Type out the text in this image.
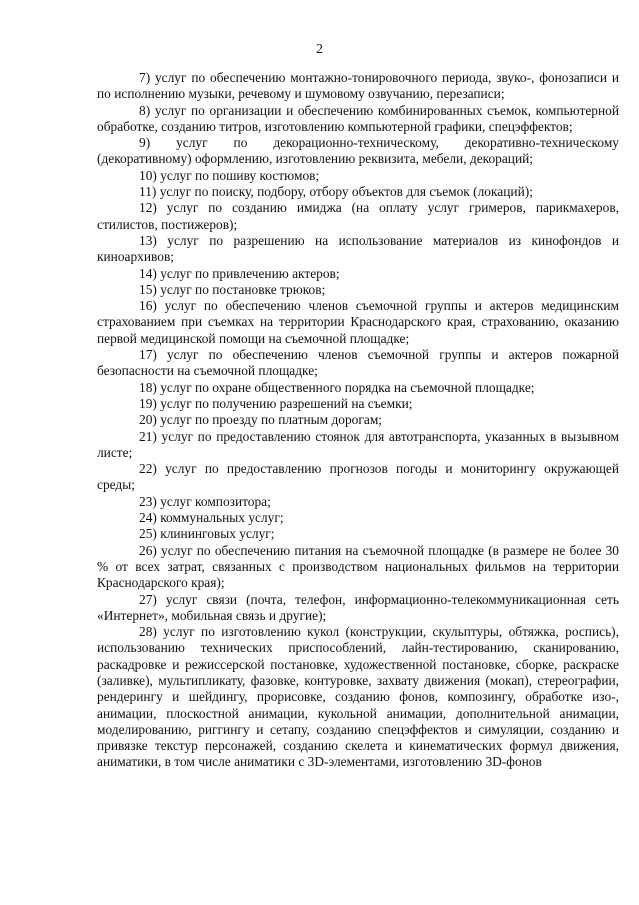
2

7) услуг по обеспечению монтажно-тонировочного периода, звуко-, фонозаписи и по исполнению музыки, речевому и шумовому озвучанию, перезаписи;

8) услуг по организации и обеспечению комбинированных съемок, компьютерной обработке, созданию титров, изготовлению компьютерной графики, спецэффектов;

9) услуг по декорационно-техническому, декоративно-техническому (декоративному) оформлению, изготовлению реквизита, мебели, декораций;

10) услуг по пошиву костюмов;

11) услуг по поиску, подбору, отбору объектов для съемок (локаций);

12) услуг по созданию имиджа (на оплату услуг гримеров, парикмахеров, стилистов, постижеров);

13) услуг по разрешению на использование материалов из кинофондов и киноархивов;

14) услуг по привлечению актеров;

15) услуг по постановке трюков;

16) услуг по обеспечению членов съемочной группы и актеров медицинским страхованием при съемках на территории Краснодарского края, страхованию, оказанию первой медицинской помощи на съемочной площадке;

17) услуг по обеспечению членов съемочной группы и актеров пожарной безопасности на съемочной площадке;

18) услуг по охране общественного порядка на съемочной площадке;

19) услуг по получению разрешений на съемки;

20) услуг по проезду по платным дорогам;

21) услуг по предоставлению стоянок для автотранспорта, указанных в вызывном листе;

22) услуг по предоставлению прогнозов погоды и мониторингу окружающей среды;

23) услуг композитора;

24) коммунальных услуг;

25) клининговых услуг;

26) услуг по обеспечению питания на съемочной площадке (в размере не более 30 % от всех затрат, связанных с производством национальных фильмов на территории Краснодарского края);

27) услуг связи (почта, телефон, информационно-телекоммуникационная сеть «Интернет», мобильная связь и другие);

28) услуг по изготовлению кукол (конструкции, скульптуры, обтяжка, роспись), использованию технических приспособлений, лайн-тестированию, сканированию, раскадровке и режиссерской постановке, художественной постановке, сборке, раскраске (заливке), мультипликату, фазовке, контуровке, захвату движения (мокап), стереографии, рендерингу и шейдингу, прорисовке, созданию фонов, композингу, обработке изо-, анимации, плоскостной анимации, кукольной анимации, дополнительной анимации, моделированию, риггингу и сетапу, созданию спецэффектов и симуляции, созданию и привязке текстур персонажей, созданию скелета и кинематических формул движения, аниматики, в том числе аниматики с 3D-элементами, изготовлению 3D-фонов
